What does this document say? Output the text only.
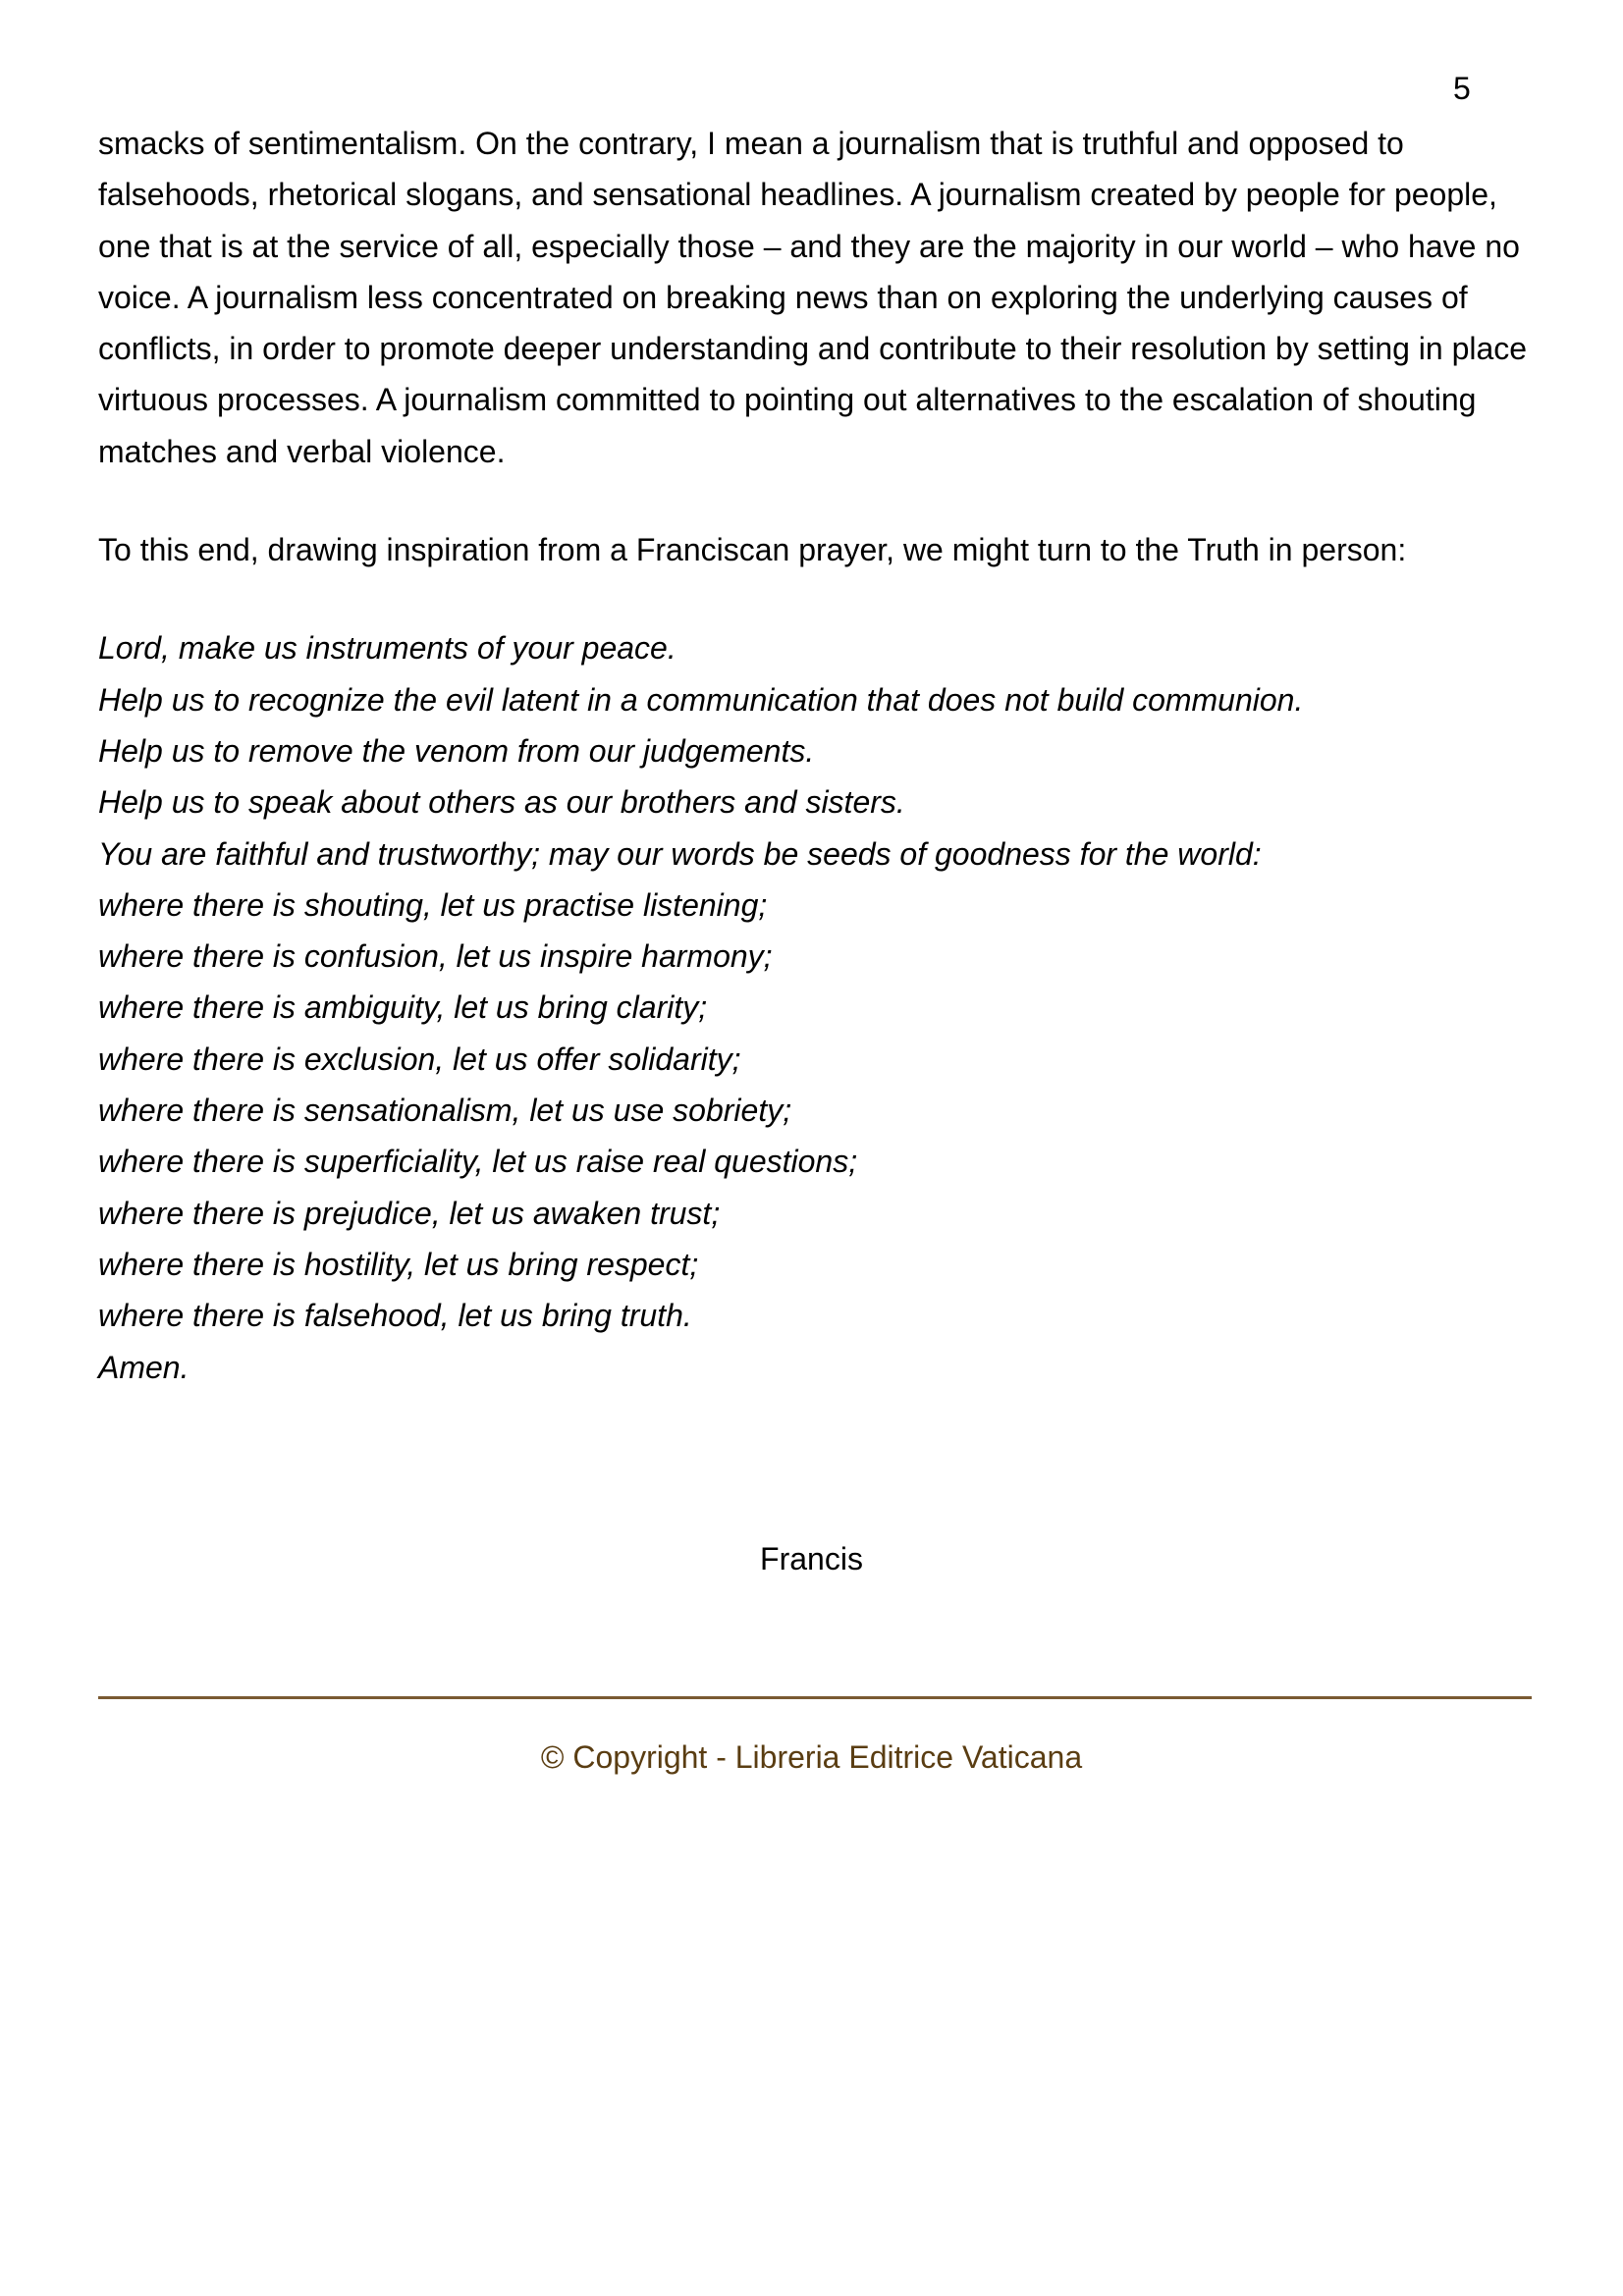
5

smacks of sentimentalism. On the contrary, I mean a journalism that is truthful and opposed to falsehoods, rhetorical slogans, and sensational headlines. A journalism created by people for people, one that is at the service of all, especially those – and they are the majority in our world – who have no voice. A journalism less concentrated on breaking news than on exploring the underlying causes of conflicts, in order to promote deeper understanding and contribute to their resolution by setting in place virtuous processes. A journalism committed to pointing out alternatives to the escalation of shouting matches and verbal violence.

To this end, drawing inspiration from a Franciscan prayer, we might turn to the Truth in person:

Lord, make us instruments of your peace.
Help us to recognize the evil latent in a communication that does not build communion.
Help us to remove the venom from our judgements.
Help us to speak about others as our brothers and sisters.
You are faithful and trustworthy; may our words be seeds of goodness for the world:
where there is shouting, let us practise listening;
where there is confusion, let us inspire harmony;
where there is ambiguity, let us bring clarity;
where there is exclusion, let us offer solidarity;
where there is sensationalism, let us use sobriety;
where there is superficiality, let us raise real questions;
where there is prejudice, let us awaken trust;
where there is hostility, let us bring respect;
where there is falsehood, let us bring truth.
Amen.
Francis
© Copyright - Libreria Editrice Vaticana
